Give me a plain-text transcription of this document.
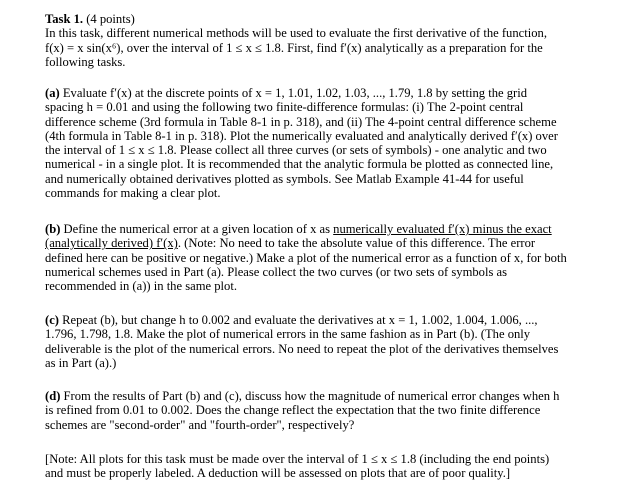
Task 1. (4 points)
In this task, different numerical methods will be used to evaluate the first derivative of the function,
f(x) = x sin(x⁶), over the interval of 1 ≤ x ≤ 1.8. First, find f′(x) analytically as a preparation for the
following tasks.
(a) Evaluate f′(x) at the discrete points of x = 1, 1.01, 1.02, 1.03, ..., 1.79, 1.8 by setting the grid
spacing h = 0.01 and using the following two finite-difference formulas: (i) The 2-point central
difference scheme (3rd formula in Table 8-1 in p. 318), and (ii) The 4-point central difference scheme
(4th formula in Table 8-1 in p. 318). Plot the numerically evaluated and analytically derived f′(x) over
the interval of 1 ≤ x ≤ 1.8. Please collect all three curves (or sets of symbols) - one analytic and two
numerical - in a single plot. It is recommended that the analytic formula be plotted as connected line,
and numerically obtained derivatives plotted as symbols. See Matlab Example 41-44 for useful
commands for making a clear plot.
(b) Define the numerical error at a given location of x as numerically evaluated f′(x) minus the exact
(analytically derived) f′(x). (Note: No need to take the absolute value of this difference. The error
defined here can be positive or negative.) Make a plot of the numerical error as a function of x, for both
numerical schemes used in Part (a). Please collect the two curves (or two sets of symbols as
recommended in (a)) in the same plot.
(c) Repeat (b), but change h to 0.002 and evaluate the derivatives at x = 1, 1.002, 1.004, 1.006, ...,
1.796, 1.798, 1.8. Make the plot of numerical errors in the same fashion as in Part (b). (The only
deliverable is the plot of the numerical errors. No need to repeat the plot of the derivatives themselves
as in Part (a).)
(d) From the results of Part (b) and (c), discuss how the magnitude of numerical error changes when h
is refined from 0.01 to 0.002. Does the change reflect the expectation that the two finite difference
schemes are "second-order" and "fourth-order", respectively?
[Note: All plots for this task must be made over the interval of 1 ≤ x ≤ 1.8 (including the end points)
and must be properly labeled. A deduction will be assessed on plots that are of poor quality.]
